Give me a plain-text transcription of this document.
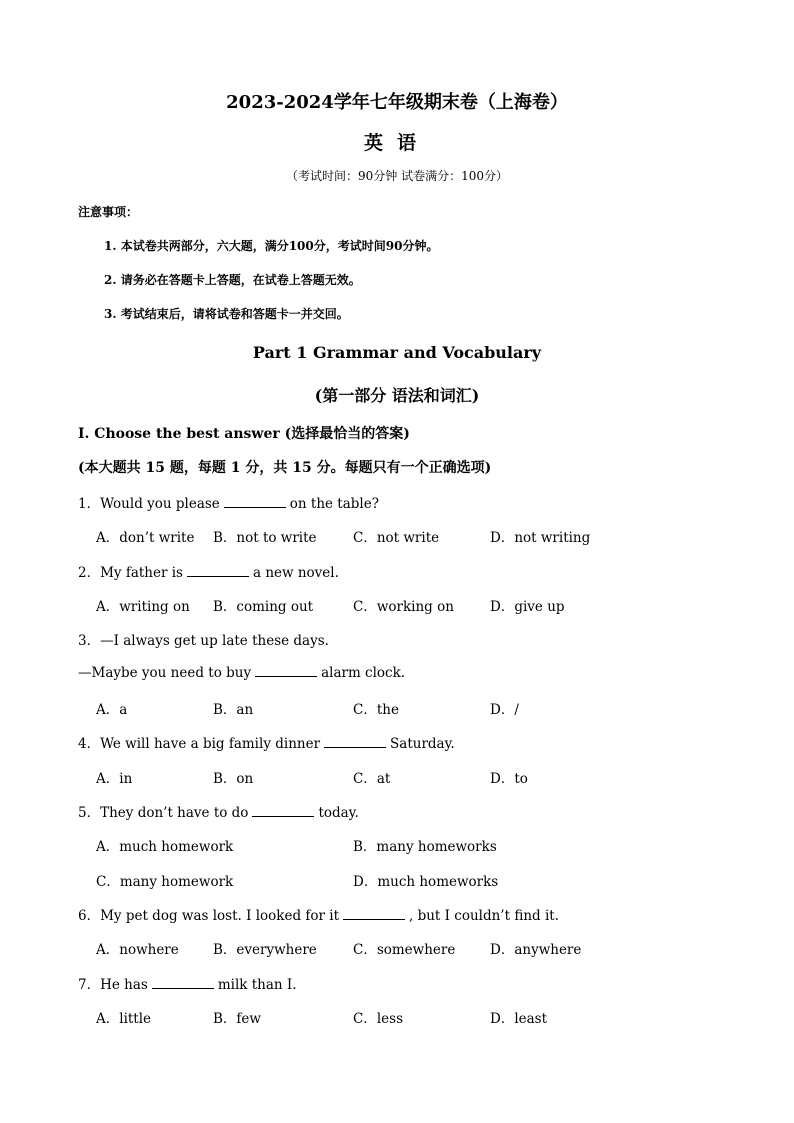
2023-2024学年七年级期末卷（上海卷）
英语
（考试时间：90分钟 试卷满分：100分）
注意事项：
1. 本试卷共两部分，六大题，满分100分，考试时间90分钟。
2. 请务必在答题卡上答题，在试卷上答题无效。
3. 考试结束后，请将试卷和答题卡一并交回。
Part 1 Grammar and Vocabulary
(第一部分 语法和词汇)
I. Choose the best answer (选择最恰当的答案)
(本大题共 15 题，每题 1 分，共 15 分。每题只有一个正确选项)
1．Would you please	on the table?
A．don’t write B．not to write	C．not write	D．not writing
2．My father is	a new novel.
A．writing on B．coming out	C．working on	D．give up
3．—I always get up late these days.
—Maybe you need to buy	alarm clock.
A．a	B．an	C．the	D．/
4．We will have a big family dinner	Saturday.
A．in	B．on	C．at	D．to
5．They don’t have to do	today.
A．much homework	B．many homeworks
C．many homework	D．much homeworks
6．My pet dog was lost. I looked for it	, but I couldn’t find it.
A．nowhere	B．everywhere	C．somewhere	D．anywhere
7．He has	milk than I.
A．little	B．few	C．less	D．least
